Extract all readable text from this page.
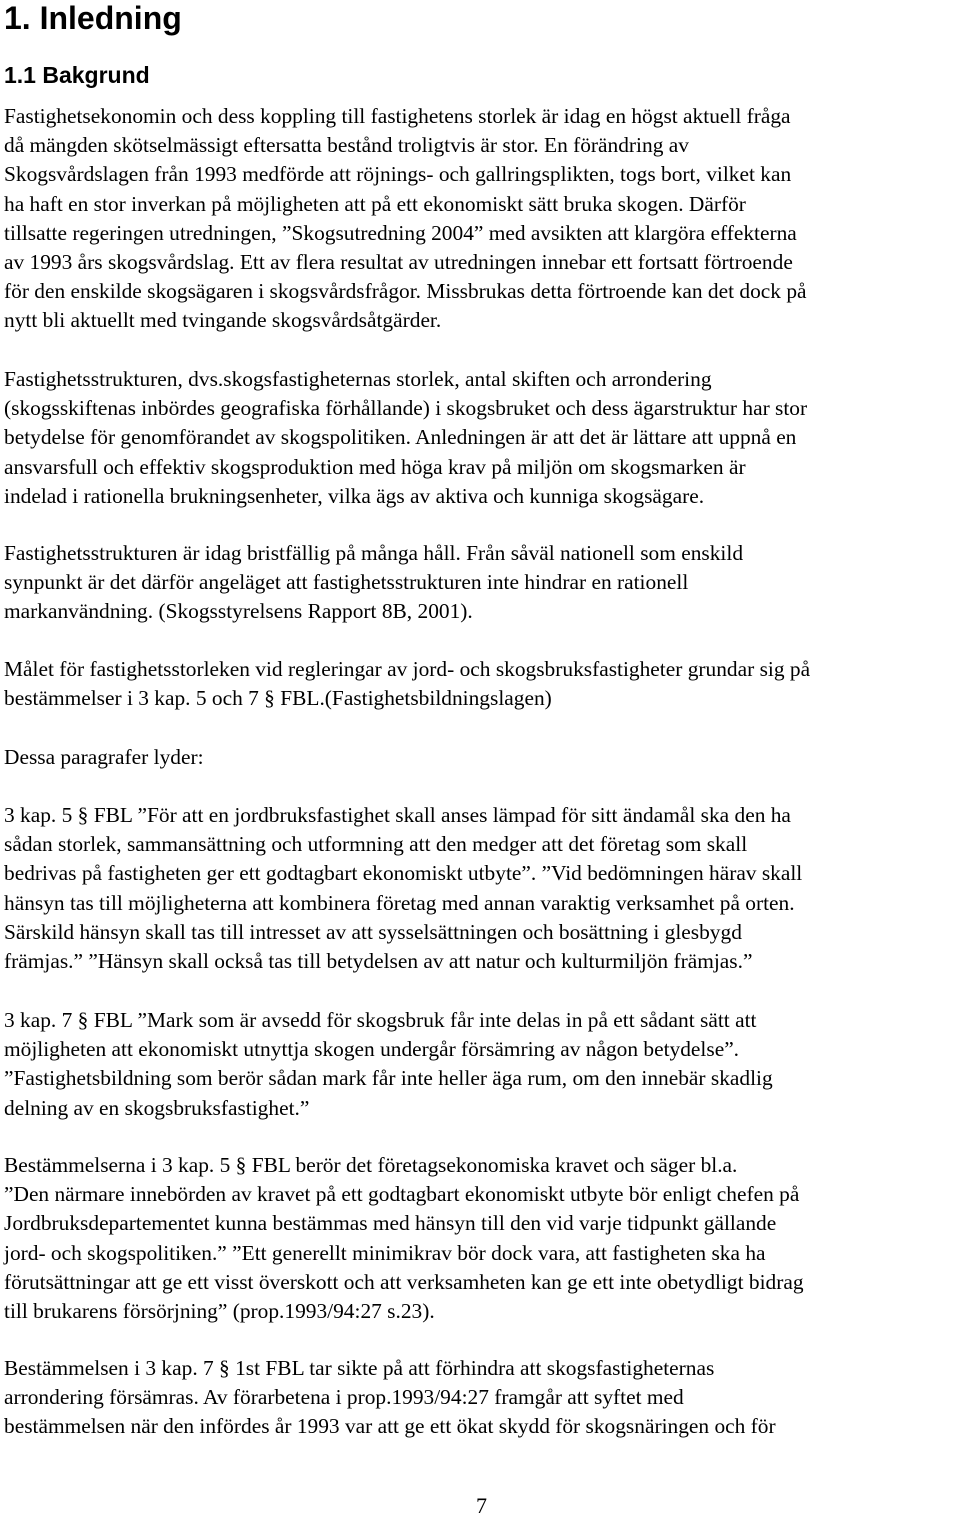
1. Inledning
1.1 Bakgrund
Fastighetsekonomin och dess koppling till fastighetens storlek är idag en högst aktuell fråga
då mängden skötselmässigt eftersatta bestånd troligtvis är stor. En förändring av
Skogsvårdslagen från 1993 medförde att röjnings- och gallringsplikten, togs bort, vilket kan
ha haft en stor inverkan på möjligheten att på ett ekonomiskt sätt bruka skogen. Därför
tillsatte regeringen utredningen, ”Skogsutredning 2004” med avsikten att klargöra effekterna
av 1993 års skogsvårdslag. Ett av flera resultat av utredningen innebar ett fortsatt förtroende
för den enskilde skogsägaren i skogsvårdsfrågor. Missbrukas detta förtroende kan det dock på
nytt bli aktuellt med tvingande skogsvårdsåtgärder.
Fastighetsstrukturen, dvs.skogsfastigheternas storlek, antal skiften och arrondering
(skogsskiftenas inbördes geografiska förhållande) i skogsbruket och dess ägarstruktur har stor
betydelse för genomförandet av skogspolitiken. Anledningen är att det är lättare att uppnå en
ansvarsfull och effektiv skogsproduktion med höga krav på miljön om skogsmarken är
indelad i rationella brukningsenheter, vilka ägs av aktiva och kunniga skogsägare.
Fastighetsstrukturen är idag bristfällig på många håll. Från såväl nationell som enskild
synpunkt är det därför angeläget att fastighetsstrukturen inte hindrar en rationell
markanvändning. (Skogsstyrelsens Rapport 8B, 2001).
Målet för fastighetsstorleken vid regleringar av jord- och skogsbruksfastigheter grundar sig på
bestämmelser i 3 kap. 5 och 7 § FBL.(Fastighetsbildningslagen)
Dessa paragrafer lyder:
3 kap. 5 § FBL ”För att en jordbruksfastighet skall anses lämpad för sitt ändamål ska den ha
sådan storlek, sammansättning och utformning att den medger att det företag som skall
bedrivas på fastigheten ger ett godtagbart ekonomiskt utbyte”. ”Vid bedömningen härav skall
hänsyn tas till möjligheterna att kombinera företag med annan varaktig verksamhet på orten.
Särskild hänsyn skall tas till intresset av att sysselsättningen och bosättning i glesbygd
främjas.” ”Hänsyn skall också tas till betydelsen av att natur och kulturmiljön främjas.”
3 kap. 7 § FBL ”Mark som är avsedd för skogsbruk får inte delas in på ett sådant sätt att
möjligheten att ekonomiskt utnyttja skogen undergår försämring av någon betydelse”.
”Fastighetsbildning som berör sådan mark får inte heller äga rum, om den innebär skadlig
delning av en skogsbruksfastighet.”
Bestämmelserna i 3 kap. 5 § FBL berör det företagsekonomiska kravet och säger bl.a.
”Den närmare innebörden av kravet på ett godtagbart ekonomiskt utbyte bör enligt chefen på
Jordbruksdepartementet kunna bestämmas med hänsyn till den vid varje tidpunkt gällande
jord- och skogspolitiken.” ”Ett generellt minimikrav bör dock vara, att fastigheten ska ha
förutsättningar att ge ett visst överskott och att verksamheten kan ge ett inte obetydligt bidrag
till brukarens försörjning” (prop.1993/94:27 s.23).
Bestämmelsen i 3 kap. 7 § 1st FBL tar sikte på att förhindra att skogsfastigheternas
arrondering försämras. Av förarbetena i prop.1993/94:27 framgår att syftet med
bestämmelsen när den infördes år 1993 var att ge ett ökat skydd för skogsnäringen och för
7
